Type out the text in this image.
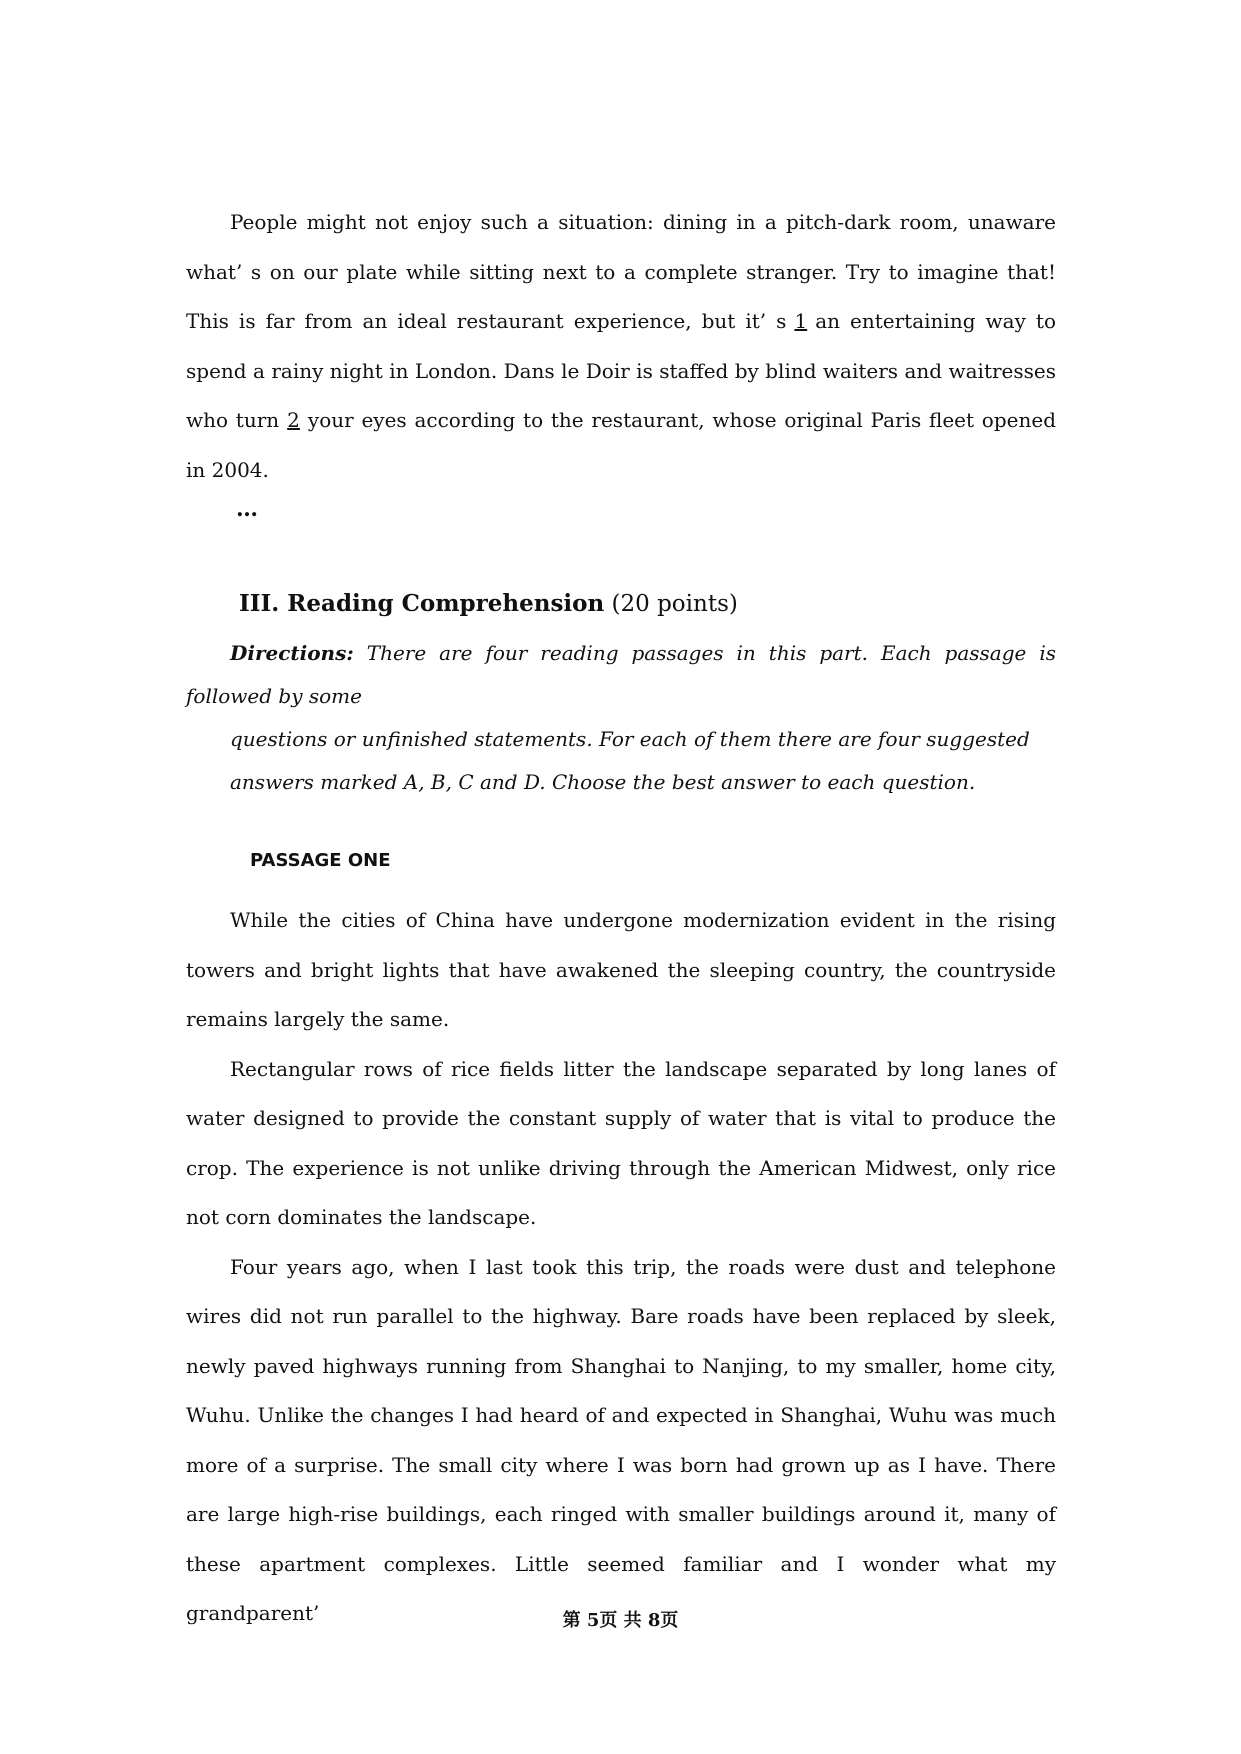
People might not enjoy such a situation: dining in a pitch-dark room, unaware what’ s on our plate while sitting next to a complete stranger. Try to imagine that! This is far from an ideal restaurant experience, but it’ s 1 an entertaining way to spend a rainy night in London. Dans le Doir is staffed by blind waiters and waitresses who turn 2 your eyes according to the restaurant, whose original Paris fleet opened in 2004.

…
III. Reading Comprehension (20 points)
Directions: There are four reading passages in this part. Each passage is
followed by some
questions or unfinished statements. For each of them there are four suggested
answers marked A, B, C and D. Choose the best answer to each question.
PASSAGE ONE

While the cities of China have undergone modernization evident in the rising towers and bright lights that have awakened the sleeping country, the countryside remains largely the same.

Rectangular rows of rice fields litter the landscape separated by long lanes of water designed to provide the constant supply of water that is vital to produce the crop. The experience is not unlike driving through the American Midwest, only rice not corn dominates the landscape.

Four years ago, when I last took this trip, the roads were dust and telephone wires did not run parallel to the highway. Bare roads have been replaced by sleek, newly paved highways running from Shanghai to Nanjing, to my smaller, home city, Wuhu. Unlike the changes I had heard of and expected in Shanghai, Wuhu was much more of a surprise. The small city where I was born had grown up as I have. There are large high-rise buildings, each ringed with smaller buildings around it, many of these apartment complexes. Little seemed familiar and I wonder what my grandparent’	第 5页 共 8页
